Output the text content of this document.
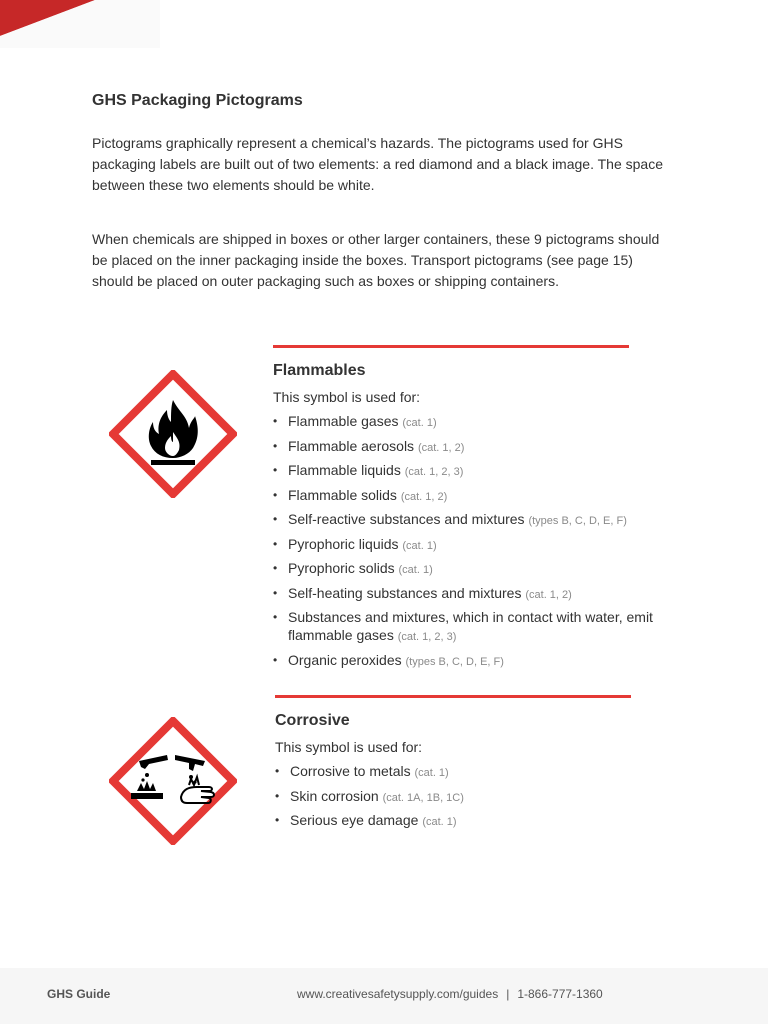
GHS Packaging Pictograms

Pictograms graphically represent a chemical’s hazards. The pictograms used for GHS packaging labels are built out of two elements: a red diamond and a black image. The space between these two elements should be white.

When chemicals are shipped in boxes or other larger containers, these 9 pictograms should be placed on the inner packaging inside the boxes. Transport pictograms (see page 15) should be placed on outer packaging such as boxes or shipping containers.

Flammables

This symbol is used for:

• Flammable gases (cat. 1)
• Flammable aerosols (cat. 1, 2)
• Flammable liquids (cat. 1, 2, 3)
• Flammable solids (cat. 1, 2)
• Self-reactive substances and mixtures (types B, C, D, E, F)
• Pyrophoric liquids (cat. 1)
• Pyrophoric solids (cat. 1)
• Self-heating substances and mixtures (cat. 1, 2)
• Substances and mixtures, which in contact with water, emit flammable gases (cat. 1, 2, 3)
• Organic peroxides (types B, C, D, E, F)
Corrosive

This symbol is used for:

• Corrosive to metals (cat. 1)
• Skin corrosion (cat. 1A, 1B, 1C)
• Serious eye damage (cat. 1)
GHS Guide	www.creativesafetysupply.com/guides | 1-866-777-1360
